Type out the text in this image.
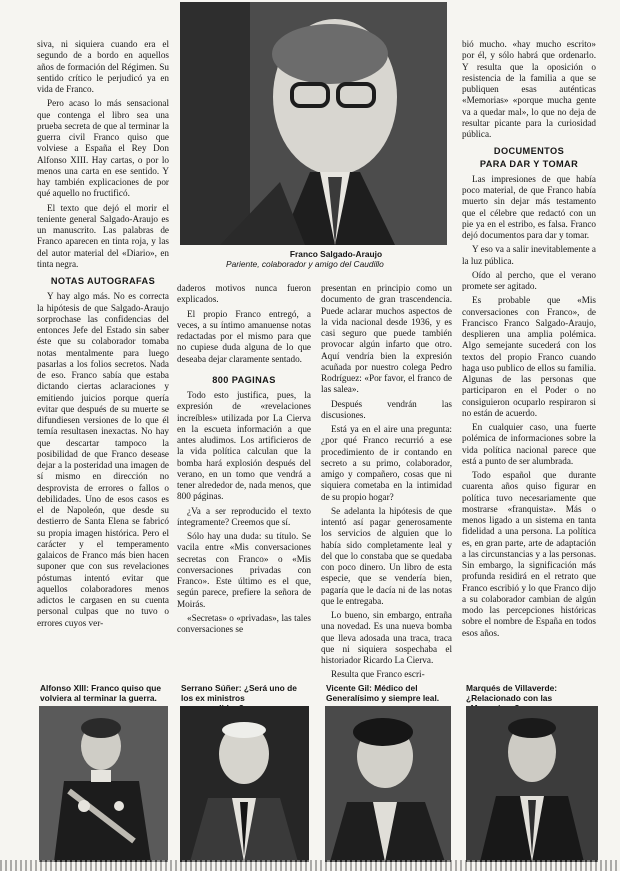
siva, ni siquiera cuando era el segundo de a bordo en aquellos años de formación del Régimen. Su sentido crítico le perjudicó ya en vida de Franco.

Pero acaso lo más sensacional que contenga el libro sea una prueba secreta de que al terminar la guerra civil Franco quiso que volviese a España el Rey Don Alfonso XIII. Hay cartas, o por lo menos una carta en ese sentido. Y hay también explicaciones de por qué aquello no fructificó.

El texto que dejó el morir el teniente general Salgado-Araujo es un manuscrito. Las palabras de Franco aparecen en tinta roja, y las del autor material del «Diario», en tinta negra.

NOTAS AUTOGRAFAS

Y hay algo más. No es correcta la hipótesis de que Salgado-Araujo sorprochase las confidencias del entonces Jefe del Estado sin saber éste que su colaborador tomaba notas mentalmente para luego pasarlas a los folios secretos. Nada de eso. Franco sabía que estaba dictando ciertas aclaraciones y emitiendo juicios porque quería evitar que después de su muerte se difundiesen versiones de lo que él temía resultasen inexactas. No hay que descartar tampoco la posibilidad de que Franco desease dejar a la posteridad una imagen de sí mismo en dirección no desprovista de errores o fallos o debilidades. Uno de esos casos es el de Napoleón, que desde su destierro de Santa Elena se fabricó su propia imagen histórica. Pero el carácter y el temperamento galaicos de Franco más bien hacen suponer que con sus revelaciones póstumas intentó evitar que aquellos colaboradores menos adictos le cargasen en su cuenta personal culpas que no tuvo o errores cuyos ver-

Franco Salgado-Araujo
Pariente, colaborador y amigo del Caudillo

daderos motivos nunca fueron explicados.

El propio Franco entregó, a veces, a su íntimo amanuense notas redactadas por el mismo para que no cupiese duda alguna de lo que deseaba dejar claramente sentado.

800 PAGINAS

Todo esto justifica, pues, la expresión de «revelaciones increíbles» utilizada por La Cierva en la escueta información a que antes aludimos. Los artificieros de la vida política calculan que la bomba hará explosión después del verano, en un tomo que vendrá a tener alrededor de, nada menos, que 800 páginas.

¿Va a ser reproducido el texto íntegramente? Creemos que sí.

Sólo hay una duda: su título. Se vacila entre «Mis conversaciones secretas con Franco» o «Mis conversaciones privadas con Franco». Este último es el que, según parece, prefiere la señora de Moirás.

«Secretas» o «privadas», las tales conversaciones se

presentan en principio como un documento de gran trascendencia. Puede aclarar muchos aspectos de la vida nacional desde 1936, y es casi seguro que puede también provocar algún infarto que otro. Aquí vendría bien la expresión acuñada por nuestro colega Pedro Rodríguez: «Por favor, el franco de las salea».

Después vendrán las discusiones.

Está ya en el aire una pregunta: ¿por qué Franco recurrió a ese procedimiento de ir contando en secreto a su primo, colaborador, amigo y compañero, cosas que ni siquiera cometaba en la intimidad de su propio hogar?

Se adelanta la hipótesis de que intentó así pagar generosamente los servicios de alguien que lo había sido completamente leal y del que lo constaba que se quedaba con poco dinero. Un libro de esta especie, que se vendería bien, pagaría que le dacía ni de las notas que le entregaba.

Lo bueno, sin embargo, entraña una novedad. Es una nueva bomba que lleva adosada una traca, traca que ni siquiera sospechaba el historiador Ricardo La Cierva.

Resulta que Franco escri-

bió mucho. «hay mucho escrito» por él, y sólo habrá que ordenarlo. Y resulta que la oposición o resistencia de la familia a que se publiquen esas auténticas «Memorias» «porque mucha gente va a quedar mal», lo que no deja de resultar picante para la curiosidad pública.

DOCUMENTOS
PARA DAR Y TOMAR

Las impresiones de que había poco material, de que Franco había muerto sin dejar más testamento que el célebre que redactó con un pie ya en el estribo, es falsa. Franco dejó documentos para dar y tomar.

Y eso va a salir inevitablemente a la luz pública.

Oído al percho, que el verano promete ser agitado.

Es probable que «Mis conversaciones con Franco», de Francisco Franco Salgado-Araujo, desplieren una amplia polémica. Algo semejante sucederá con los textos del propio Franco cuando haga uso publico de ellos su familia. Algunas de las personas que participaron en el Poder o no consiguieron ocuparlo respiraron si no están de acuerdo.

En cualquier caso, una fuerte polémica de informaciones sobre la vida política nacional parece que está a punto de ser alumbrada.

Todo español que durante cuarenta años quiso figurar en política tuvo necesariamente que mostrarse «franquista». Más o menos ligado a un sistema en tanta fidelidad a una persona. La política es, en gran parte, arte de adaptación a las circunstancias y a las personas. Sin embargo, la significación más profunda residirá en el retrato que Franco escribió y lo que Franco dijo a su colaborador cambian de algún modo las percepciones históricas sobre el nombre de España en todos esos años.

Alfonso XIII: Franco quiso que volviera al terminar la guerra.
Serrano Súñer: ¿Será uno de los ex ministros
Vicente Gil: Médico del Generalísimo y siempre leal.
Marqués de Villaverde: ¿Relacionado con las
